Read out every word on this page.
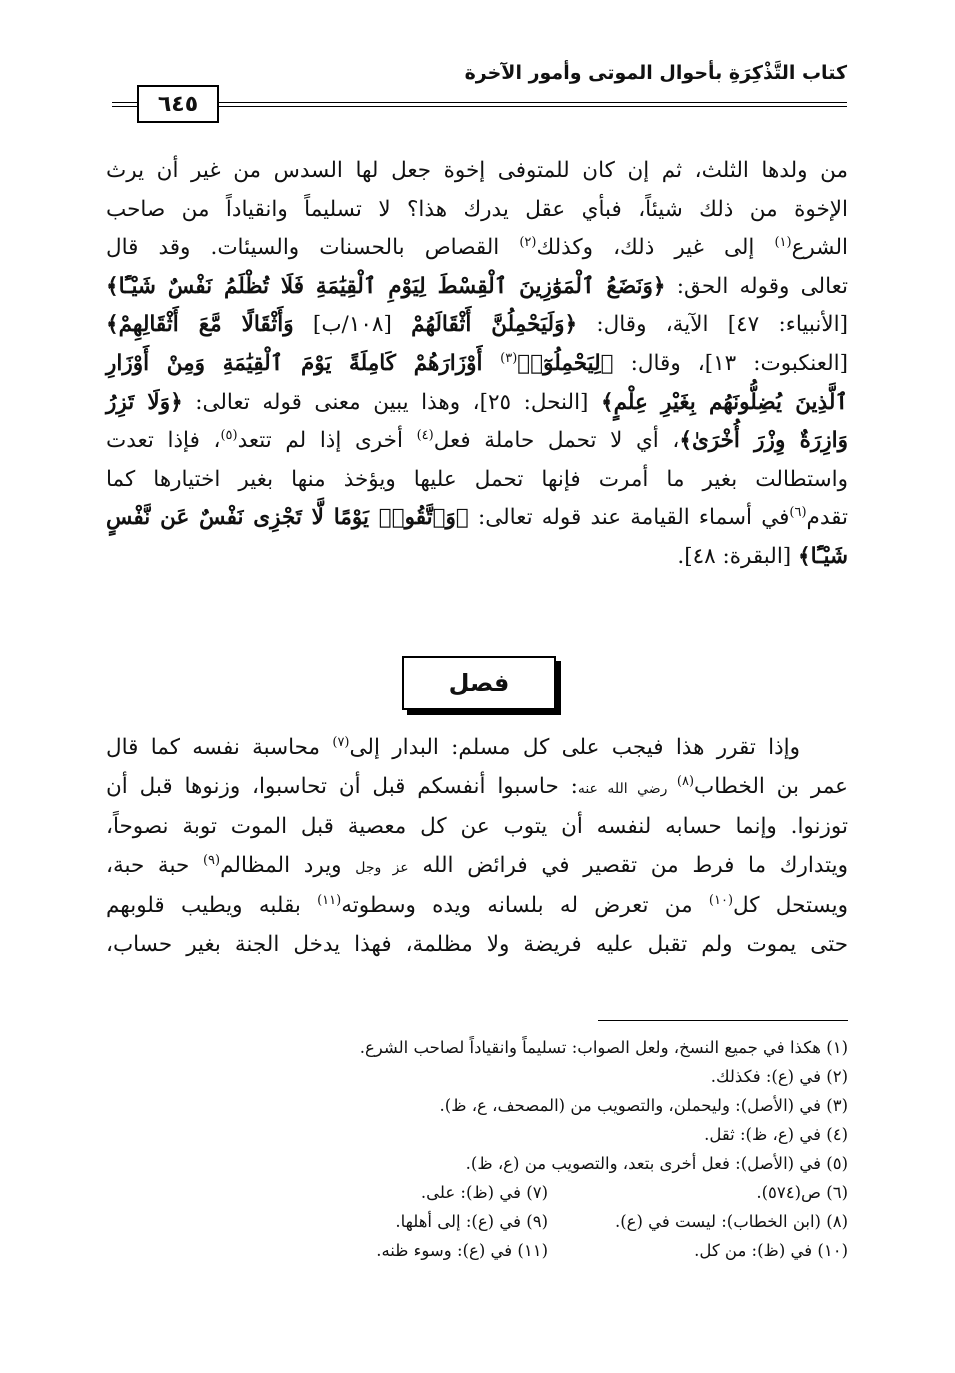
كتاب التَّذْكِرَةِ بأحوال الموتى وأمور الآخرة
٦٤٥
من ولدها الثلث، ثم إن كان للمتوفى إخوة جعل لها السدس من غير أن يرث
الإخوة من ذلك شيئاً، فبأي عقل يدرك هذا؟ لا تسليماً وانقياداً من صاحب
الشرع$^{(١)}$ إلى غير ذلك، وكذلك$^{(٢)}$ القصاص بالحسنات والسيئات. وقد قال
تعالى وقوله الحق: ﴿وَنَضَعُ ٱلْمَوَٰزِينَ ٱلْقِسْطَ لِيَوْمِ ٱلْقِيَٰمَةِ فَلَا تُظْلَمُ نَفْسٌ شَيْـًٔا﴾
[الأنبياء: ٤٧] الآية، وقال: ﴿وَلَيَحْمِلُنَّ أَثْقَالَهُمْ [١٠٨/ب] وَأَثْقَالًا مَّعَ أَثْقَالِهِمْ﴾
[العنكبوت: ١٣]، وقال: ﴿لِيَحْمِلُوٓا۟$^{(٣)}$ أَوْزَارَهُمْ كَامِلَةً يَوْمَ ٱلْقِيَٰمَةِ وَمِنْ أَوْزَارِ
ٱلَّذِينَ يُضِلُّونَهُم بِغَيْرِ عِلْمٍ﴾ [النحل: ٢٥]، وهذا يبين معنى قوله تعالى: ﴿وَلَا تَزِرُ
وَازِرَةٌ وِزْرَ أُخْرَىٰ﴾، أي لا تحمل حاملة فعل$^{(٤)}$ أخرى إذا لم تتعد$^{(٥)}$، فإذا تعدت
واستطالت بغير ما أمرت فإنها تحمل عليها ويؤخذ منها بغير اختيارها كما
تقدم$^{(٦)}$في أسماء القيامة عند قوله تعالى: ﴿وَٱتَّقُوا۟ يَوْمًا لَّا تَجْزِى نَفْسٌ عَن نَّفْسٍ
شَيْـًٔا﴾ [البقرة: ٤٨].
فصل
وإذا تقرر هذا فيجب على كل مسلم: البدار إلى$^{(٧)}$ محاسبة نفسه كما قال
عمر بن الخطاب$^{(٨)}$ رضي الله عنه: حاسبوا أنفسكم قبل أن تحاسبوا، وزنوها قبل أن
توزنوا. وإنما حسابه لنفسه أن يتوب عن كل معصية قبل الموت توبة نصوحاً،
ويتدارك ما فرط من تقصير في فرائض الله عز وجل ويرد المظالم$^{(٩)}$ حبة حبة،
ويستحل كل$^{(١٠)}$ من تعرض له بلسانه ويده وسطوته$^{(١١)}$ بقلبه ويطيب قلوبهم
حتى يموت ولم تقبل عليه فريضة ولا مظلمة، فهذا يدخل الجنة بغير حساب،
(١) هكذا في جميع النسخ، ولعل الصواب: تسليماً وانقياداً لصاحب الشرع.
(٢) في (ع): فكذلك.
(٣) في (الأصل): وليحملن، والتصويب من (المصحف، ع، ظ).
(٤) في (ع، ظ): ثقل.
(٥) في (الأصل): فعل أخرى بتعد، والتصويب من (ع، ظ).
(٦) ص(٥٧٤).
(٧) في (ظ): على.
(٨) (ابن الخطاب): ليست في (ع).
(٩) في (ع): إلى أهلها.
(١٠) في (ظ): من كل.
(١١) في (ع): وسوء ظنه.
